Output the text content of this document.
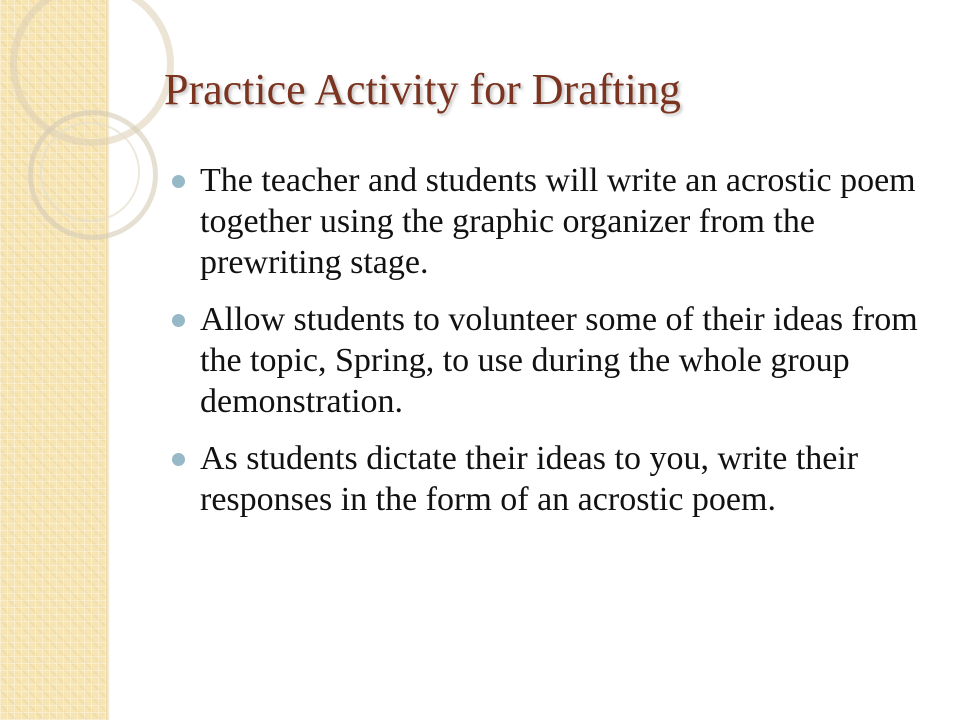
Practice Activity for Drafting
The teacher and students will write an acrostic poem together using the graphic organizer from the prewriting stage.
Allow students to volunteer some of their ideas from the topic, Spring, to use during the whole group demonstration.
As students dictate their ideas to you, write their responses in the form of an acrostic poem.
